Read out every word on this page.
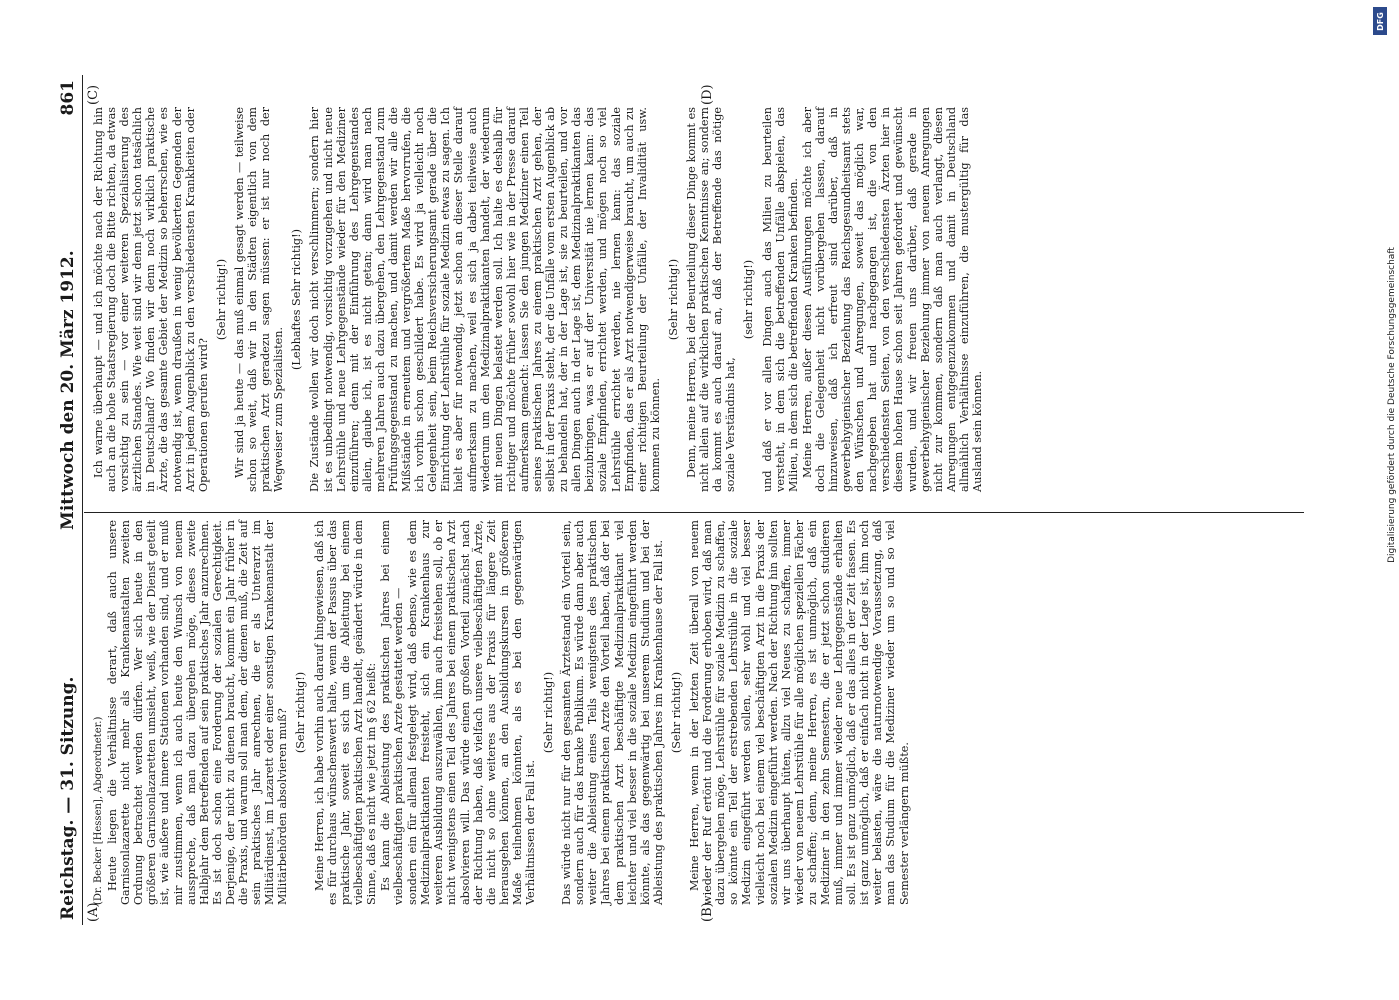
Reichstag. — 31. Sitzung.
Mittwoch den 20. März 1912.
861
(A)	(B)
(C)	(D)

(Dr. Becker [Hessen], Abgeordneter.) Heute liegen die Verhältnisse derart, daß auch unsere Garnisonlazarette nicht mehr als Krankenanstalten zweiten Ordnung betrachtet werden dürfen. Wer sich heute in den größeren Garnisonlazaretten umsieht, weiß, wie der Dienst geteilt ist, wie äußere und innere Stationen vorhanden sind, und er muß mir zustimmen, wenn ich auch heute den Wunsch von neuem ausspreche, daß man dazu übergehen möge, dieses zweite Halbjahr dem Betreffenden auf sein praktisches Jahr anzurechnen. Es ist doch schon eine Forderung der sozialen Gerechtigkeit. Derjenige, der nicht zu dienen braucht, kommt ein Jahr früher in die Praxis, und warum soll man dem, der dienen muß, die Zeit auf sein praktisches Jahr anrechnen, die er als Unterarzt im Militärdienst, im Lazarett oder einer sonstigen Krankenanstalt der Militärbehörden absolvieren muß? (Sehr richtig!) Meine Herren, ich habe vorhin auch darauf hingewiesen, daß ich es für durchaus wünschenswert halte, wenn der Passus über das praktische Jahr, soweit es sich um die Ableitung bei einem vielbeschäftigten praktischen Arzt handelt, geändert würde in dem Sinne, daß es nicht wie jetzt im § 62 heißt: Es kann die Ableistung des praktischen Jahres bei einem vielbeschäftigten praktischen Arzte gestattet werden — sondern ein für allemal festgelegt wird, daß ebenso, wie es dem Medizinalpraktikanten freisteht, sich ein Krankenhaus zur weiteren Ausbildung auszuwählen, ihm auch freistehen soll, ob er nicht wenigstens einen Teil des Jahres bei einem praktischen Arzt absolvieren will. Das würde einen großen Vorteil zunächst nach der Richtung haben, daß vielfach unsere vielbeschäftigten Ärzte, die nicht so ohne weiteres aus der Praxis für längere Zeit herausgehen können, an den Ausbildungskursen in größerem Maße teilnehmen könnten, als es bei den gegenwärtigen Verhältnissen der Fall ist.

(Sehr richtig!) Das würde nicht nur für den gesamten Ärztestand ein Vorteil sein, sondern auch für das kranke Publikum. Es würde dann aber auch weiter die Ableistung eines Teils wenigstens des praktischen Jahres bei einem praktischen Arzte den Vorteil haben, daß der bei dem praktischen Arzt beschäftigte Medizinalpraktikant viel leichter und viel besser in die soziale Medizin eingeführt werden könnte, als das gegenwärtig bei unserem Studium und bei der Ableistung des praktischen Jahres im Krankenhause der Fall ist. (Sehr richtig!) Meine Herren, wenn in der letzten Zeit überall von neuem wieder der Ruf ertönt und die Forderung erhoben wird, daß man dazu übergehen möge, Lehrstühle für soziale Medizin zu schaffen, so könnte ein Teil der erstrebenden Lehrstühle in die soziale Medizin eingeführt werden sollen, sehr wohl und viel besser vielleicht noch bei einem viel beschäftigten Arzt in die Praxis der sozialen Medizin eingeführt werden. Nach der Richtung hin sollten wir uns überhaupt hüten, allzu viel Neues zu schaffen, immer wieder von neuem Lehrstühle für alle möglichen speziellen Fächer zu schaffen; denn, meine Herren, es ist unmöglich, daß ein Mediziner in den zehn Semestern, die er jetzt schon studieren muß, immer und immer wieder neue Lehrgegenstände erhalten soll. Es ist ganz unmöglich, daß er das alles in der Zeit fassen. Es ist ganz unmöglich, daß er einfach nicht in der Lage ist, ihm noch weiter belasten, wäre die naturnotwendige Voraussetzung, daß man das Studium für die Mediziner wieder um so und so viel Semester verlängern müßte.

Ich warne überhaupt — und ich möchte nach der Richtung hin auch an die hohe Staatsregierung doch die Bitte richten, da etwas vorsichtig zu sein — vor einer weiteren Spezialisierung des ärztlichen Standes. Wie weit sind wir denn jetzt schon tatsächlich in Deutschland? Wo finden wir denn noch wirklich praktische Ärzte, die das gesamte Gebiet der Medizin so beherrschen, wie es notwendig ist, wenn draußen in wenig bevölkerten Gegenden der Arzt in jedem Augenblick zu den verschiedensten Krankheiten oder Operationen gerufen wird?

(Sehr richtig!) Wir sind ja heute — das muß einmal gesagt werden — teilweise schon so weit, daß wir in den Städten eigentlich von dem praktischen Arzt geradezu sagen müssen: er ist nur noch der Wegweiser zum Spezialisten.

(Lebhaftes Sehr richtig!) Die Zustände wollen wir doch nicht verschlimmern; sondern hier ist es unbedingt notwendig, vorsichtig vorzugehen und nicht neue Lehrstühle und neue Lehrgegenstände wieder für den Mediziner einzuführen; denn mit der Einführung des Lehrgegenstandes allein, glaube ich, ist es nicht getan; dann wird man nach mehreren Jahren auch dazu übergehen, den Lehrgegenstand zum Prüfungsgegenstand zu machen, und damit werden wir alle die Mißstände in erneutem und vergrößertem Maße hervorrufen, die ich vorhin schon geschildert habe. Es wird ja vielleicht noch Gelegenheit sein, beim Reichsversicherungsamt gerade über die Einrichtung der Lehrstühle für soziale Medizin etwas zu sagen. Ich hielt es aber für notwendig, jetzt schon an dieser Stelle darauf aufmerksam zu machen, weil es sich ja dabei teilweise auch wiederum um den Medizinalpraktikanten handelt, der wiederum mit neuen Dingen belastet werden soll. Ich halte es deshalb für richtiger und möchte früher sowohl hier wie in der Presse darauf aufmerksam gemacht: lassen Sie den jungen Mediziner einen Teil seines praktischen Jahres zu einem praktischen Arzt gehen, der selbst in der Praxis steht, der die Unfälle vom ersten Augenblick ab zu behandeln hat, der in der Lage ist, sie zu beurteilen, und vor allen Dingen auch in der Lage ist, dem Medizinalpraktikanten das beizubringen, was er auf der Universität nie lernen kann: das soziale Empfinden, errichtet werden, und mögen noch so viel Lehrstühle errichtet werden, nie lernen kann: das soziale Empfinden, das er als Arzt notwendigerweise braucht, um auch zu einer richtigen Beurteilung der Unfälle, der Invalidität usw. kommen zu können.

(Sehr richtig!) Denn, meine Herren, bei der Beurteilung dieser Dinge kommt es nicht allein auf die wirklichen praktischen Kenntnisse an; sondern da kommt es auch darauf an, daß der Betreffende das nötige soziale Verständnis hat,

(sehr richtig!) und daß er vor allen Dingen auch das Milieu zu beurteilen versteht, in dem sich die betreffenden Unfälle abspielen, das Milieu, in dem sich die betreffenden Kranken befinden. Meine Herren, außer diesen Ausführungen möchte ich aber doch die Gelegenheit nicht vorübergehen lassen, darauf hinzuweisen, daß ich erfreut sind darüber, daß in gewerbehygienischer Beziehung das Reichsgesundheitsamt stets den Wünschen und Anregungen, soweit das möglich war, nachgegeben hat und nachgegangen ist, die von den verschiedensten Seiten, von den verschiedensten Ärzten hier in diesem hohen Hause schon seit Jahren gefordert und gewünscht wurden, und wir freuen uns darüber, daß gerade in gewerbehygienischer Beziehung immer von neuem Anregungen nicht zur kommen, sondern daß man auch verlangt, diesen Anregungen entgegenzukommen und damit in Deutschland allmählich Verhältnisse einzuführen, die mustergültig für das Ausland sein können.

DFG
Digitalisierung gefördert durch die Deutsche Forschungsgemeinschaft
